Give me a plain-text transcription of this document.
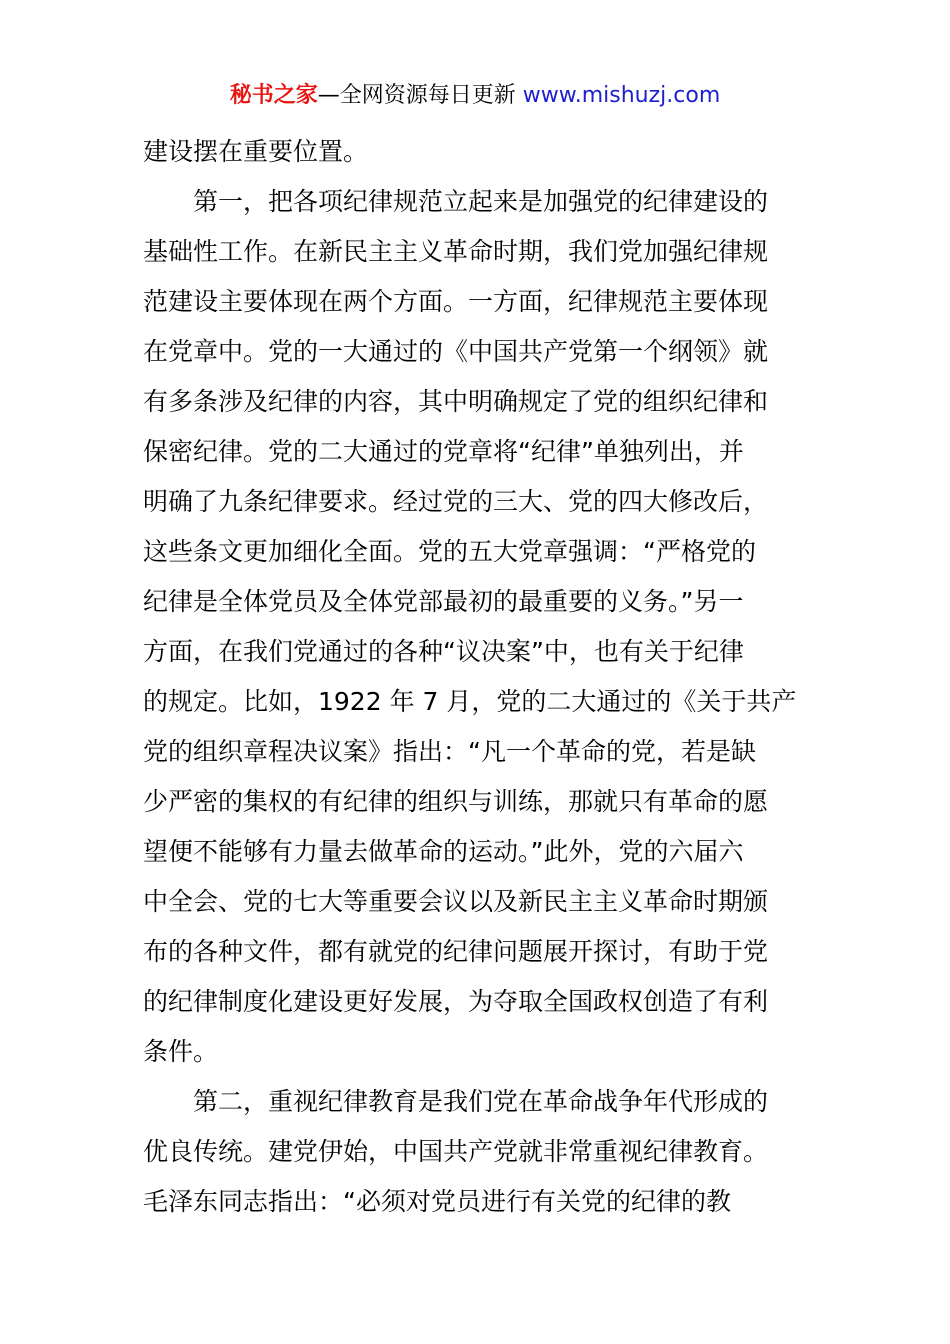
秘书之家—全网资源每日更新 www.mishuzj.com
建设摆在重要位置。
第一，把各项纪律规范立起来是加强党的纪律建设的
基础性工作。在新民主主义革命时期，我们党加强纪律规
范建设主要体现在两个方面。一方面，纪律规范主要体现
在党章中。党的一大通过的《中国共产党第一个纲领》就
有多条涉及纪律的内容，其中明确规定了党的组织纪律和
保密纪律。党的二大通过的党章将“纪律”单独列出，并
明确了九条纪律要求。经过党的三大、党的四大修改后，
这些条文更加细化全面。党的五大党章强调：“严格党的
纪律是全体党员及全体党部最初的最重要的义务。”另一
方面，在我们党通过的各种“议决案”中，也有关于纪律
的规定。比如，1922 年 7 月，党的二大通过的《关于共产
党的组织章程决议案》指出：“凡一个革命的党，若是缺
少严密的集权的有纪律的组织与训练，那就只有革命的愿
望便不能够有力量去做革命的运动。”此外，党的六届六
中全会、党的七大等重要会议以及新民主主义革命时期颁
布的各种文件，都有就党的纪律问题展开探讨，有助于党
的纪律制度化建设更好发展，为夺取全国政权创造了有利
条件。
第二，重视纪律教育是我们党在革命战争年代形成的
优良传统。建党伊始，中国共产党就非常重视纪律教育。
毛泽东同志指出：“必须对党员进行有关党的纪律的教
